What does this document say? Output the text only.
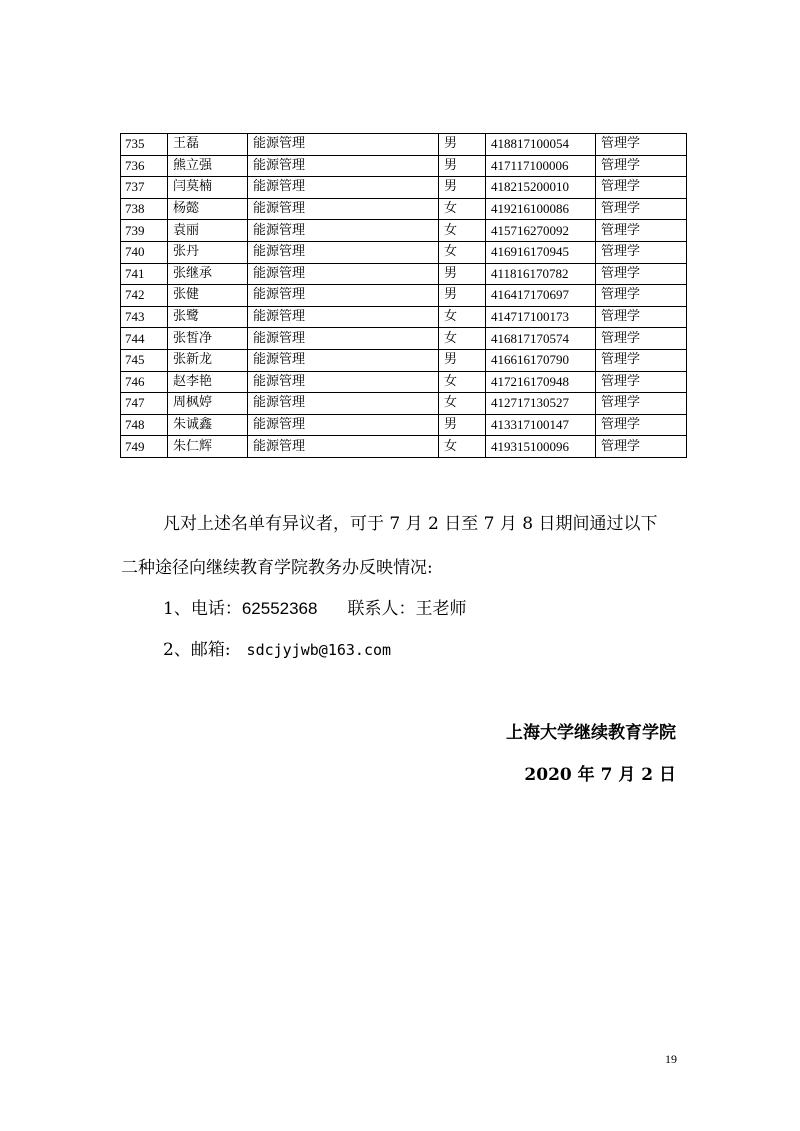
735	王磊	能源管理	男	418817100054	管理学
736	熊立强	能源管理	男	417117100006	管理学
737	闫莫楠	能源管理	男	418215200010	管理学
738	杨懿	能源管理	女	419216100086	管理学
739	袁丽	能源管理	女	415716270092	管理学
740	张丹	能源管理	女	416916170945	管理学
741	张继承	能源管理	男	411816170782	管理学
742	张健	能源管理	男	416417170697	管理学
743	张鹭	能源管理	女	414717100173	管理学
744	张皙净	能源管理	女	416817170574	管理学
745	张新龙	能源管理	男	416616170790	管理学
746	赵李艳	能源管理	女	417216170948	管理学
747	周枫婷	能源管理	女	412717130527	管理学
748	朱诚鑫	能源管理	男	413317100147	管理学
749	朱仁辉	能源管理	女	419315100096	管理学
凡对上述名单有异议者，可于 7 月 2 日至 7 月 8 日期间通过以下
二种途径向继续教育学院教务办反映情况:
1、电话：62552368 联系人：王老师
2、邮箱: sdcjyjwb@163.com
上海大学继续教育学院
2020 年 7 月 2 日
19
